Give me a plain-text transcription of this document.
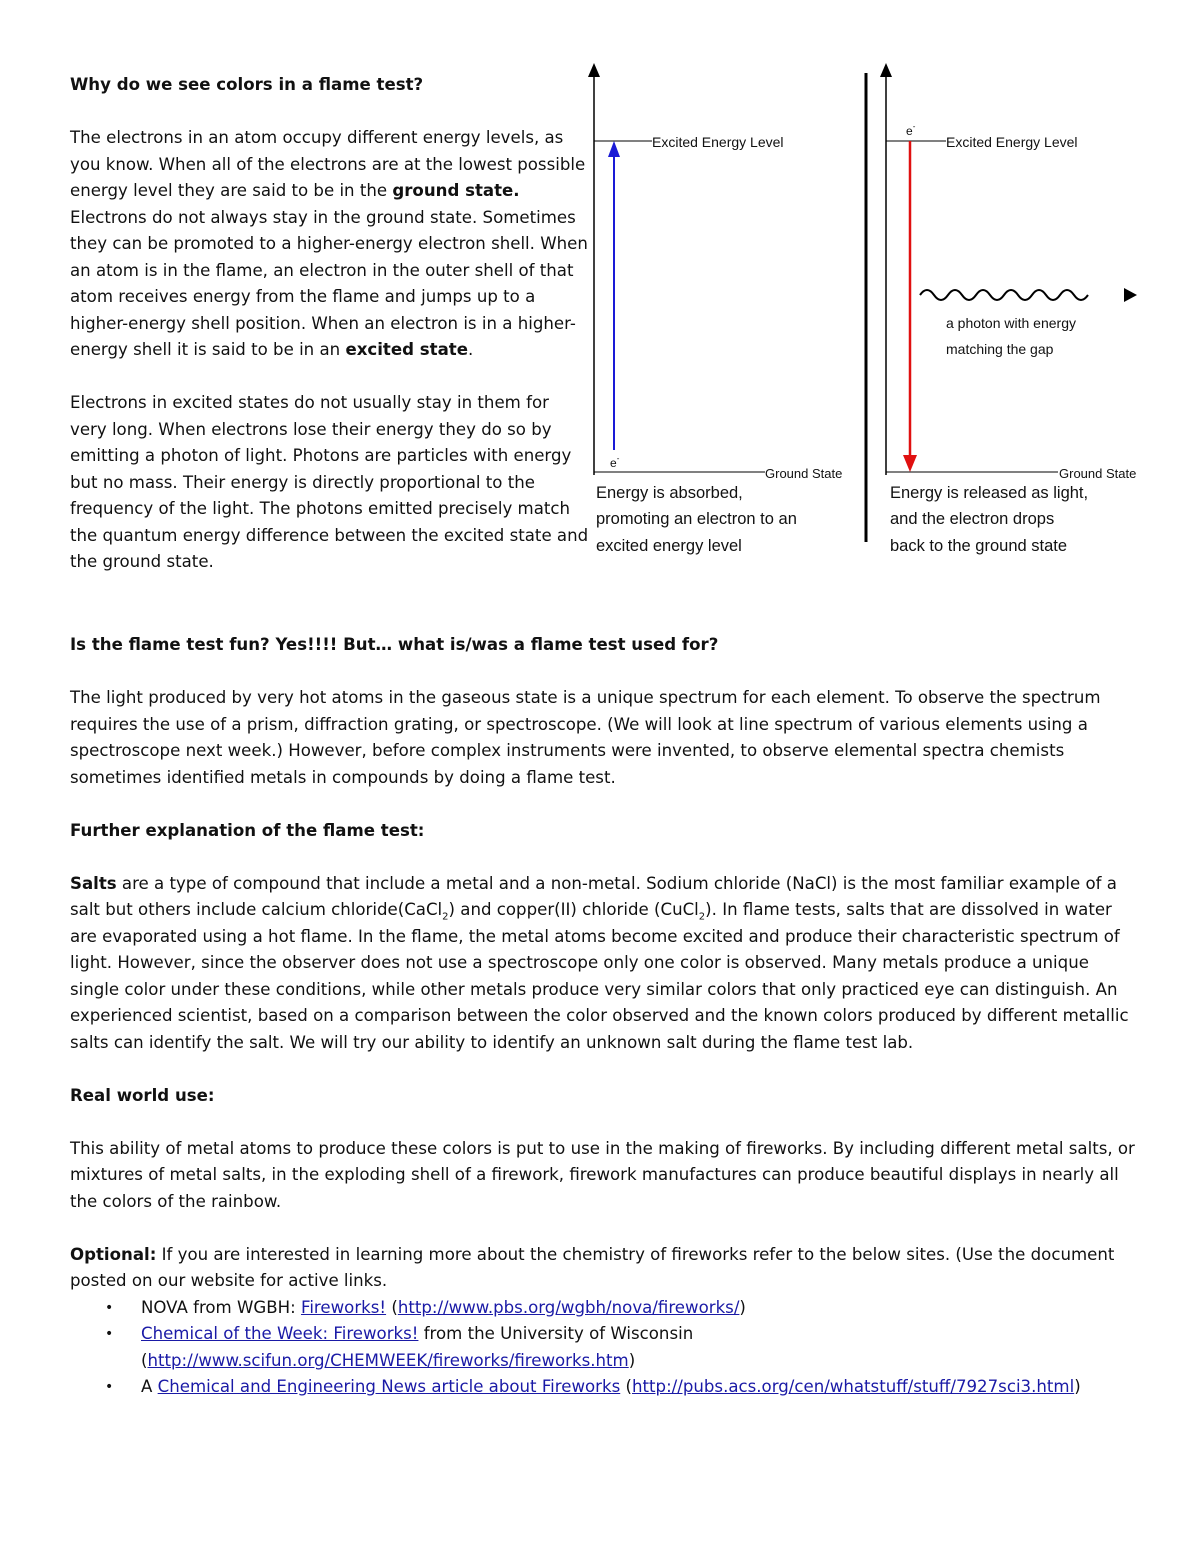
Why do we see colors in a flame test?

The electrons in an atom occupy different energy levels, as you know. When all of the electrons are at the lowest possible energy level they are said to be in the ground state. Electrons do not always stay in the ground state. Sometimes they can be promoted to a higher-energy electron shell. When an atom is in the flame, an electron in the outer shell of that atom receives energy from the flame and jumps up to a higher-energy shell position. When an electron is in a higher-energy shell it is said to be in an excited state.

Electrons in excited states do not usually stay in them for very long. When electrons lose their energy they do so by emitting a photon of light. Photons are particles with energy but no mass. Their energy is directly proportional to the frequency of the light. The photons emitted precisely match the quantum energy difference between the excited state and the ground state.

Excited Energy Level
Ground State
e-
Energy is absorbed, promoting an electron to an excited energy level
Excited Energy Level
Ground State
e-
a photon with energy matching the gap
Energy is released as light, and the electron drops back to the ground state

Is the flame test fun? Yes!!!! But… what is/was a flame test used for?

The light produced by very hot atoms in the gaseous state is a unique spectrum for each element. To observe the spectrum requires the use of a prism, diffraction grating, or spectroscope. (We will look at line spectrum of various elements using a spectroscope next week.) However, before complex instruments were invented, to observe elemental spectra chemists sometimes identified metals in compounds by doing a flame test.

Further explanation of the flame test:

Salts are a type of compound that include a metal and a non-metal. Sodium chloride (NaCl) is the most familiar example of a salt but others include calcium chloride(CaCl$_2$) and copper(II) chloride (CuCl$_2$). In flame tests, salts that are dissolved in water are evaporated using a hot flame. In the flame, the metal atoms become excited and produce their characteristic spectrum of light. However, since the observer does not use a spectroscope only one color is observed. Many metals produce a unique single color under these conditions, while other metals produce very similar colors that only practiced eye can distinguish. An experienced scientist, based on a comparison between the color observed and the known colors produced by different metallic salts can identify the salt. We will try our ability to identify an unknown salt during the flame test lab.

Real world use:

This ability of metal atoms to produce these colors is put to use in the making of fireworks. By including different metal salts, or mixtures of metal salts, in the exploding shell of a firework, firework manufactures can produce beautiful displays in nearly all the colors of the rainbow.

Optional: If you are interested in learning more about the chemistry of fireworks refer to the below sites. (Use the document posted on our website for active links.

• NOVA from WGBH: Fireworks! (http://www.pbs.org/wgbh/nova/fireworks/)
• Chemical of the Week: Fireworks! from the University of Wisconsin (http://www.scifun.org/CHEMWEEK/fireworks/fireworks.htm)
• A Chemical and Engineering News article about Fireworks (http://pubs.acs.org/cen/whatstuff/stuff/7927sci3.html)
